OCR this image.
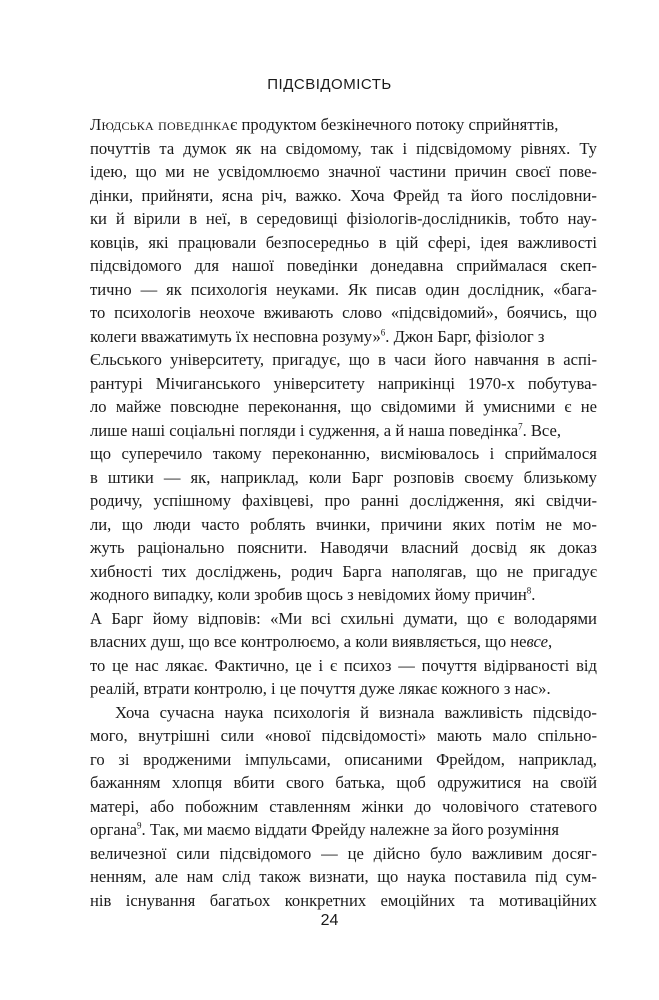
ПІДСВІДОМІСТЬ
Людська поведінкає продуктом безкінечного потоку сприйняттів,
почуттів та думок як на свідомому, так і підсвідомому рівнях. Ту
ідею, що ми не усвідомлюємо значної частини причин своєї пове-
дінки, прийняти, ясна річ, важко. Хоча Фрейд та його послідовни-
ки й вірили в неї, в середовищі фізіологів-дослідників, тобто нау-
ковців, які працювали безпосередньо в цій сфері, ідея важливості
підсвідомого для нашої поведінки донедавна сприймалася скеп-
тично — як психологія неуками. Як писав один дослідник, «бага-
то психологів неохоче вживають слово «підсвідомий», боячись, що
колеги вважатимуть їх несповна розуму»$^6$. Джон Барг, фізіолог з
Єльського університету, пригадує, що в часи його навчання в аспі-
рантурі Мічиганського університету наприкінці 1970-х побутува-
ло майже повсюдне переконання, що свідомими й умисними є не
лише наші соціальні погляди і судження, а й наша поведінка$^7$. Все,
що суперечило такому переконанню, висміювалось і сприймалося
в штики — як, наприклад, коли Барг розповів своєму близькому
родичу, успішному фахівцеві, про ранні дослідження, які свідчи-
ли, що люди часто роблять вчинки, причини яких потім не мо-
жуть раціонально пояснити. Наводячи власний досвід як доказ
хибності тих досліджень, родич Барга наполягав, що не пригадує
жодного випадку, коли зробив щось з невідомих йому причин$^8$.
А Барг йому відповів: «Ми всі схильні думати, що є володарями
власних душ, що все контролюємо, а коли виявляється, що невсе,
то це нас лякає. Фактично, це і є психоз — почуття відірваності від
реалій, втрати контролю, і це почуття дуже лякає кожного з нас».
Хоча сучасна наука психологія й визнала важливість підсвідо-
мого, внутрішні сили «нової підсвідомості» мають мало спільно-
го зі вродженими імпульсами, описаними Фрейдом, наприклад,
бажанням хлопця вбити свого батька, щоб одружитися на своїй
матері, або побожним ставленням жінки до чоловічого статевого
органа$^9$. Так, ми маємо віддати Фрейду належне за його розуміння
величезної сили підсвідомого — це дійсно було важливим досяг-
ненням, але нам слід також визнати, що наука поставила під сум-
нів існування багатьох конкретних емоційних та мотиваційних
24
